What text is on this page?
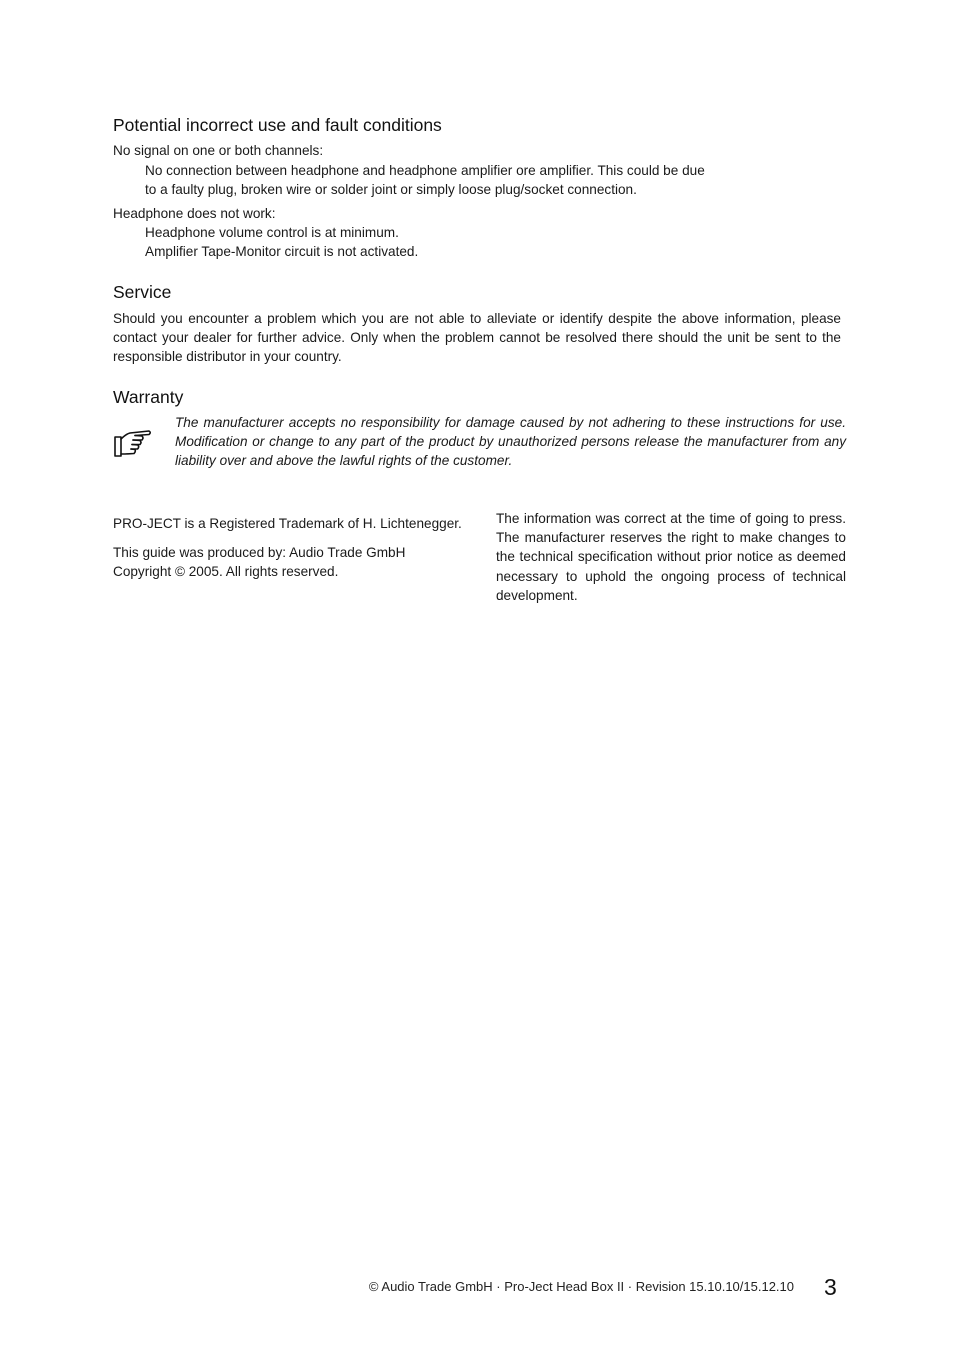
Potential incorrect use and fault conditions

No signal on one or both channels:

No connection between headphone and headphone amplifier ore amplifier. This could be due

to a faulty plug, broken wire or solder joint or simply loose plug/socket connection.

Headphone does not work:

Headphone volume control is at minimum.

Amplifier Tape-Monitor circuit is not activated.

Service

Should you encounter a problem which you are not able to alleviate or identify despite the above information, please contact your dealer for further advice. Only when the problem cannot be resolved there should the unit be sent to the responsible distributor in your country.

Warranty

The manufacturer accepts no responsibility for damage caused by not adhering to these instructions for use. Modification or change to any part of the product by unauthorized persons release the manufacturer from any liability over and above the lawful rights of the customer.

PRO-JECT is a Registered Trademark of H. Lichtenegger.

This guide was produced by: Audio Trade GmbH

Copyright © 2005. All rights reserved.

The information was correct at the time of going to press. The manufacturer reserves the right to make changes to the technical specification without prior notice as deemed necessary to uphold the ongoing process of technical development.

© Audio Trade GmbH · Pro-Ject Head Box II · Revision 15.10.10/15.12.10 3
